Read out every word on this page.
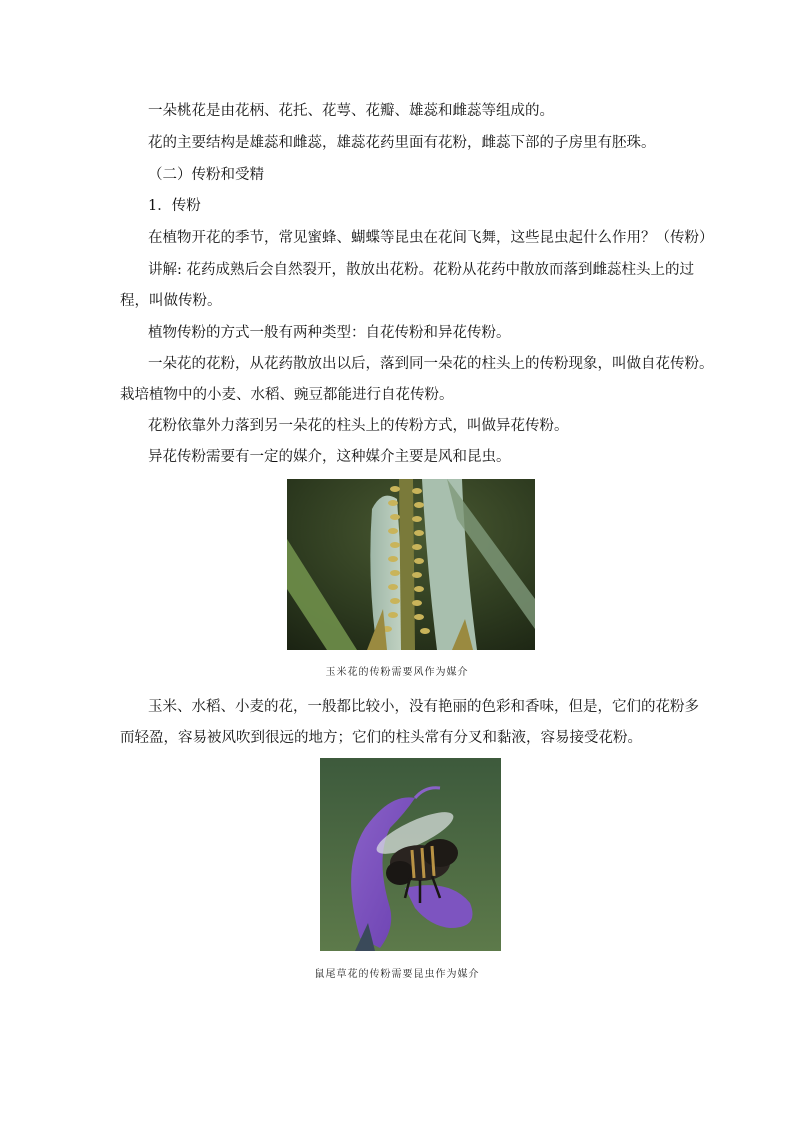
一朵桃花是由花柄、花托、花萼、花瓣、雄蕊和雌蕊等组成的。
花的主要结构是雄蕊和雌蕊，雄蕊花药里面有花粉，雌蕊下部的子房里有胚珠。
（二）传粉和受精
1．传粉
在植物开花的季节，常见蜜蜂、蝴蝶等昆虫在花间飞舞，这些昆虫起什么作用？（传粉）
讲解: 花药成熟后会自然裂开，散放出花粉。花粉从花药中散放而落到雌蕊柱头上的过
程，叫做传粉。
植物传粉的方式一般有两种类型：自花传粉和异花传粉。
一朵花的花粉，从花药散放出以后，落到同一朵花的柱头上的传粉现象，叫做自花传粉。
栽培植物中的小麦、水稻、豌豆都能进行自花传粉。
花粉依靠外力落到另一朵花的柱头上的传粉方式，叫做异花传粉。
异花传粉需要有一定的媒介，这种媒介主要是风和昆虫。
玉米花的传粉需要风作为媒介
玉米、水稻、小麦的花，一般都比较小，没有艳丽的色彩和香味，但是，它们的花粉多
而轻盈，容易被风吹到很远的地方；它们的柱头常有分叉和黏液，容易接受花粉。
鼠尾草花的传粉需要昆虫作为媒介
